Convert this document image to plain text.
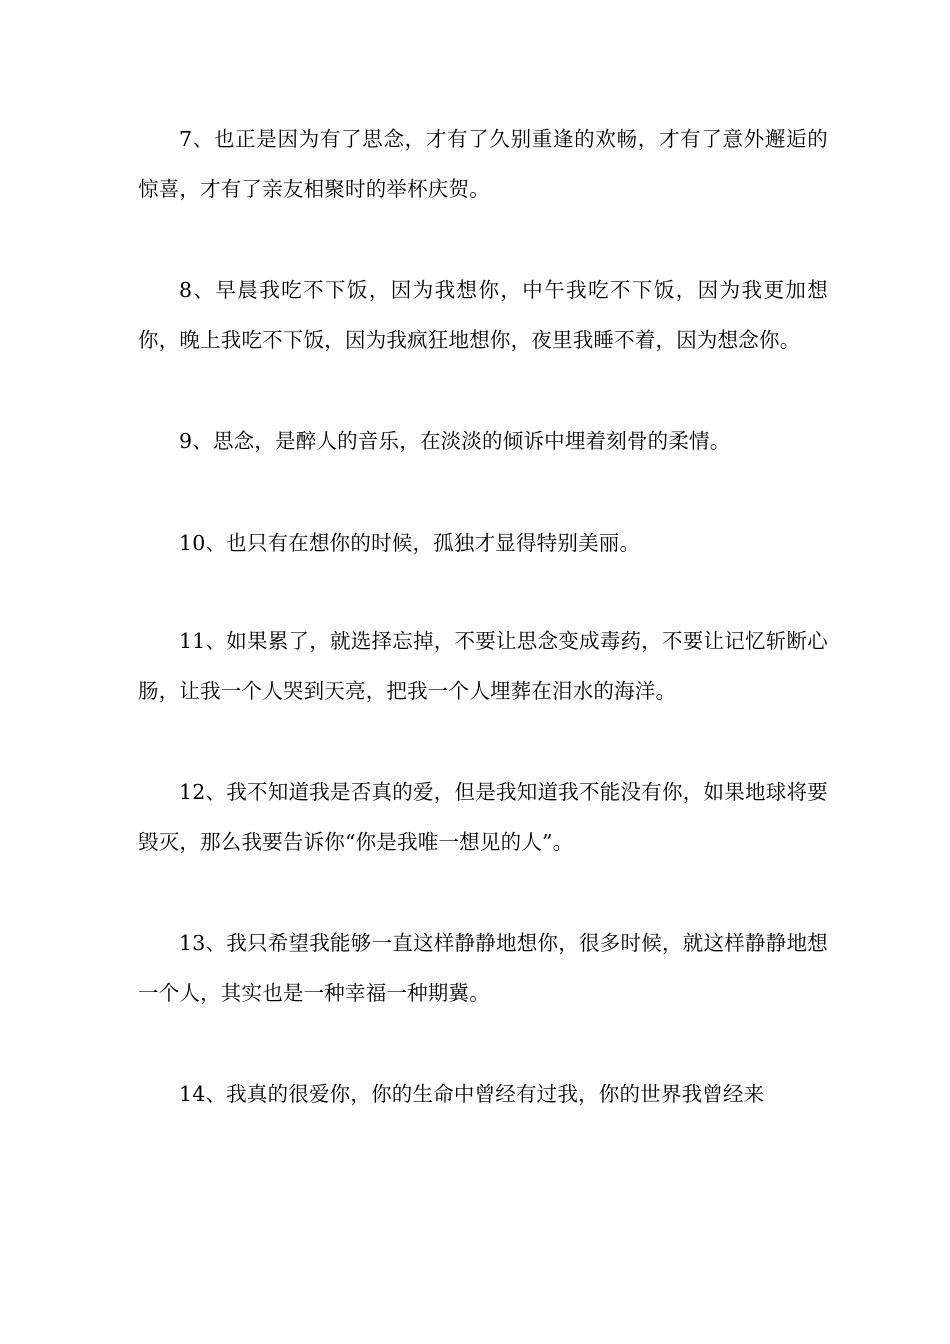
7、也正是因为有了思念，才有了久别重逢的欢畅，才有了意外邂逅的惊喜，才有了亲友相聚时的举杯庆贺。

8、早晨我吃不下饭，因为我想你，中午我吃不下饭，因为我更加想你，晚上我吃不下饭，因为我疯狂地想你，夜里我睡不着，因为想念你。

9、思念，是醉人的音乐，在淡淡的倾诉中埋着刻骨的柔情。

10、也只有在想你的时候，孤独才显得特别美丽。

11、如果累了，就选择忘掉，不要让思念变成毒药，不要让记忆斩断心肠，让我一个人哭到天亮，把我一个人埋葬在泪水的海洋。

12、我不知道我是否真的爱，但是我知道我不能没有你，如果地球将要毁灭，那么我要告诉你“你是我唯一想见的人”。

13、我只希望我能够一直这样静静地想你，很多时候，就这样静静地想一个人，其实也是一种幸福一种期冀。

14、我真的很爱你，你的生命中曾经有过我，你的世界我曾经来
